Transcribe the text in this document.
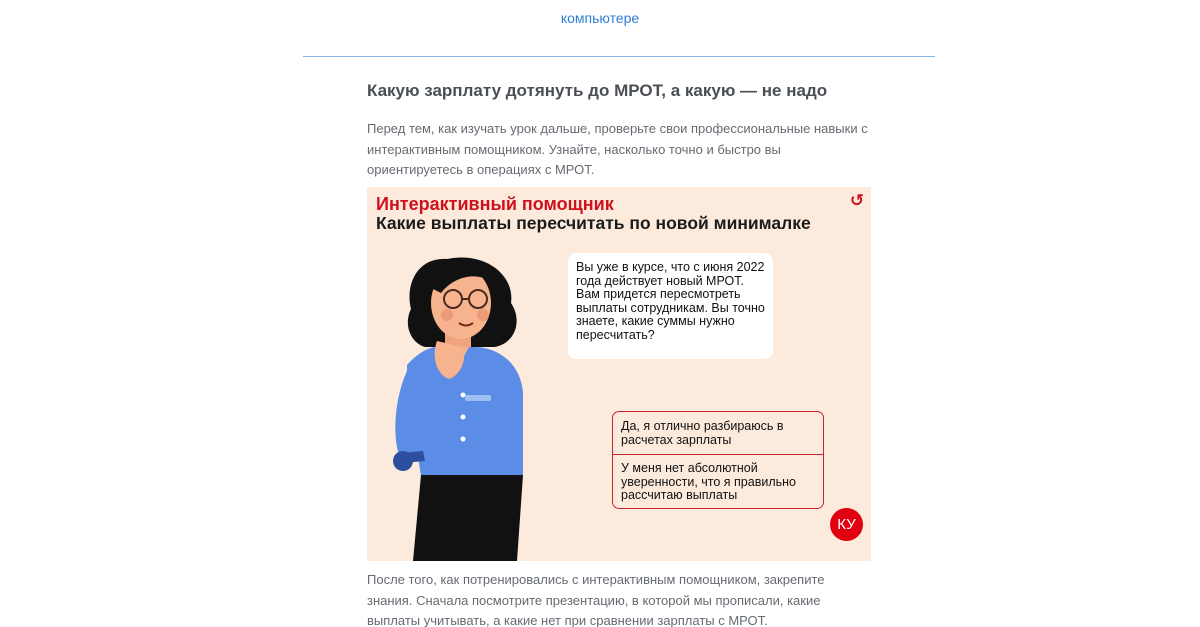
компьютере
Какую зарплату дотянуть до МРОТ, а какую — не надо

Перед тем, как изучать урок дальше, проверьте свои профессиональные навыки с интерактивным помощником. Узнайте, насколько точно и быстро вы ориентируетесь в операциях с МРОТ.

Интерактивный помощник
Какие выплаты пересчитать по новой минималке
↺
Вы уже в курсе, что с июня 2022 года действует новый МРОТ. Вам придется пересмотреть выплаты сотрудникам. Вы точно знаете, какие суммы нужно пересчитать?
Да, я отлично разбираюсь в расчетах зарплаты
У меня нет абсолютной уверенности, что я правильно рассчитаю выплаты
КУ

После того, как потренировались с интерактивным помощником, закрепите знания. Сначала посмотрите презентацию, в которой мы прописали, какие выплаты учитывать, а какие нет при сравнении зарплаты с МРОТ.
